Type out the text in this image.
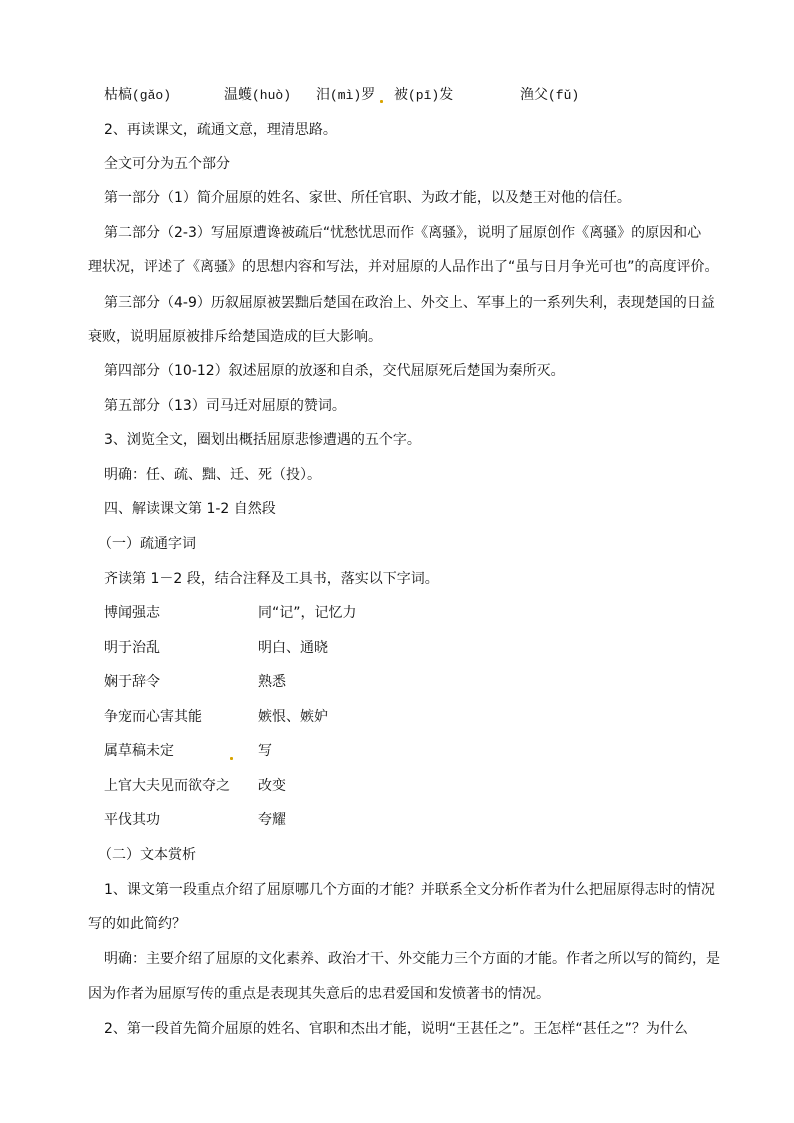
枯槁(gǎo)	温蠖(huò) 汨(mì)罗 被(pī)发	渔父(fǔ)
2、再读课文，疏通文意，理清思路。
全文可分为五个部分
第一部分（1）简介屈原的姓名、家世、所任官职、为政才能，以及楚王对他的信任。
第二部分（2-3）写屈原遭谗被疏后“忧愁忧思而作《离骚》，说明了屈原创作《离骚》的原因和心
理状况，评述了《离骚》的思想内容和写法，并对屈原的人品作出了“虽与日月争光可也”的高度评价。
第三部分（4-9）历叙屈原被罢黜后楚国在政治上、外交上、军事上的一系列失利，表现楚国的日益
衰败，说明屈原被排斥给楚国造成的巨大影响。
第四部分（10-12）叙述屈原的放逐和自杀，交代屈原死后楚国为秦所灭。
第五部分（13）司马迁对屈原的赞词。
3、浏览全文，圈划出概括屈原悲惨遭遇的五个字。
明确：任、疏、黜、迁、死（投）。
四、解读课文第 1-2 自然段
（一）疏通字词
齐读第 1－2 段，结合注释及工具书，落实以下字词。
博闻强志	同“记”，记忆力
明于治乱	明白、通晓
娴于辞令	熟悉
争宠而心害其能	嫉恨、嫉妒
属草稿未定	写
上官大夫见而欲夺之 改变
平伐其功	夸耀
（二）文本赏析
1、课文第一段重点介绍了屈原哪几个方面的才能？并联系全文分析作者为什么把屈原得志时的情况
写的如此简约？
明确：主要介绍了屈原的文化素养、政治才干、外交能力三个方面的才能。作者之所以写的简约，是
因为作者为屈原写传的重点是表现其失意后的忠君爱国和发愤著书的情况。
2、第一段首先简介屈原的姓名、官职和杰出才能，说明“王甚任之”。王怎样“甚任之”？为什么
